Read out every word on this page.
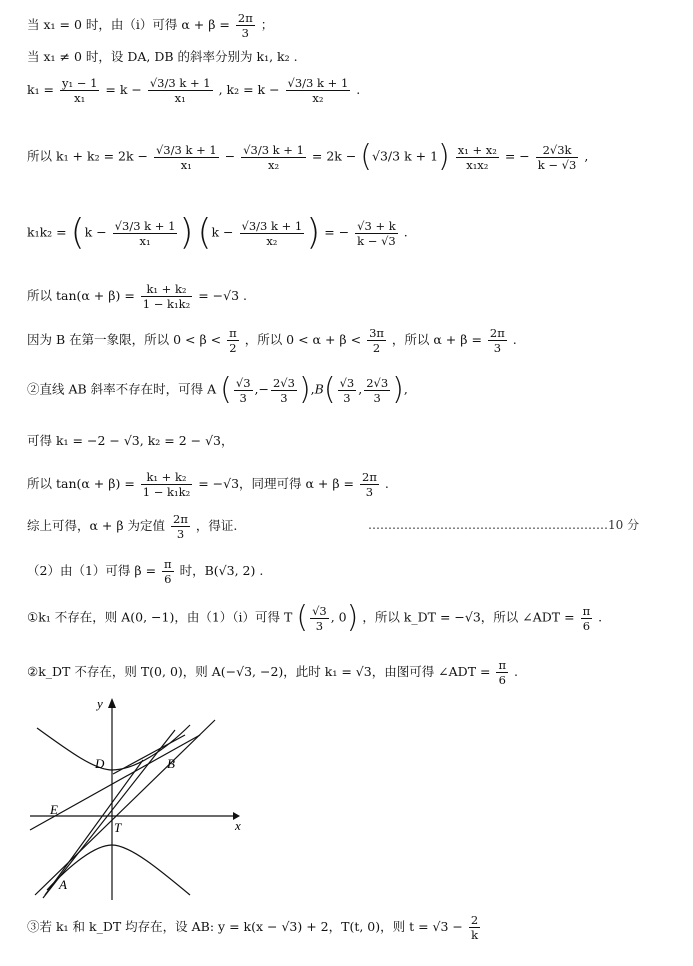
当 x₁ = 0 时，由（i）可得 $\alpha + \beta = \frac{2\pi}{3}$ ；
当 x₁ ≠ 0 时，设 DA, DB 的斜率分别为 k₁, k₂ .
$k_1 = \frac{\text{y₁ − 1}}{\text{x₁}} = k - \frac{√3/3 k + 1}{\text{x₁}}$ , $k_2 = k - \frac{√3/3 k + 1}{\text{x₂}}$ .
所以 $k_1 + k_2 = 2k - \frac{√3/3 k + 1}{\text{x₁}} - \frac{√3/3 k + 1}{\text{x₂}} = 2k - (√3/3$ $k + 1) \frac{\text{x₁ + x₂}}{\text{x₁x₂}}$ = − $\frac{2√3k}{k - √3}$ ,
$k_1k_2 = (k - \frac{√3/3 k + 1}{\text{x₁}}$ ) ($k - \frac{√3/3 k + 1}{\text{x₂}}$ ) = − $\frac{√3 + k}{k - √3}$ .
所以 $\tan(\alpha + \beta) = \frac{\text{k₁ + k₂}}{\text{1 − k₁k₂}} = -√3$ .
因为 B 在第一象限，所以 $0 < \beta < \frac{\pi}{2}$ ，所以 $0 < \alpha + \beta < \frac{3\pi}{2}$ ，所以 $\alpha + \beta = \frac{2\pi}{3}$ .
②直线 AB 斜率不存在时，可得 A ( $\frac{√3}{3}$ ,− $\frac{2√3}{3} ),B( \frac{√3}{3}$ , $\frac{2√3}{3}$ ),
可得 k₁ = −2 − √3, k₂ = 2 − √3，
所以 $\tan(\alpha + \beta) = \frac{\text{k₁ + k₂}}{\text{1 − k₁k₂}} = -√3$，同理可得 $\alpha + \beta = \frac{2\pi}{3}$ .
综上可得，α + β 为定值 $\frac{2\pi}{3}$ ，得证.	……………………………………………………10 分
（2）由（1）可得 $\beta = \frac{\pi}{6}$ 时，B(√3, 2) .
①k₁ 不存在，则 A(0, −1)，由（1）（i）可得 T ( $\frac{√3}{3}$ , 0) ，所以 k_DT = −√3，所以 ∠ADT = $\frac{\pi}{6}$ .
②k_DT 不存在，则 T(0, 0)，则 A(−√3, −2)，此时 k₁ = √3，由图可得 ∠ADT = $\frac{\pi}{6}$ .
y
x
D	B
E
T
A
③若 k₁ 和 k_DT 均存在，设 AB: y = k(x − √3) + 2，T(t, 0)，则 $t = √3 - \frac{2}{k}$
